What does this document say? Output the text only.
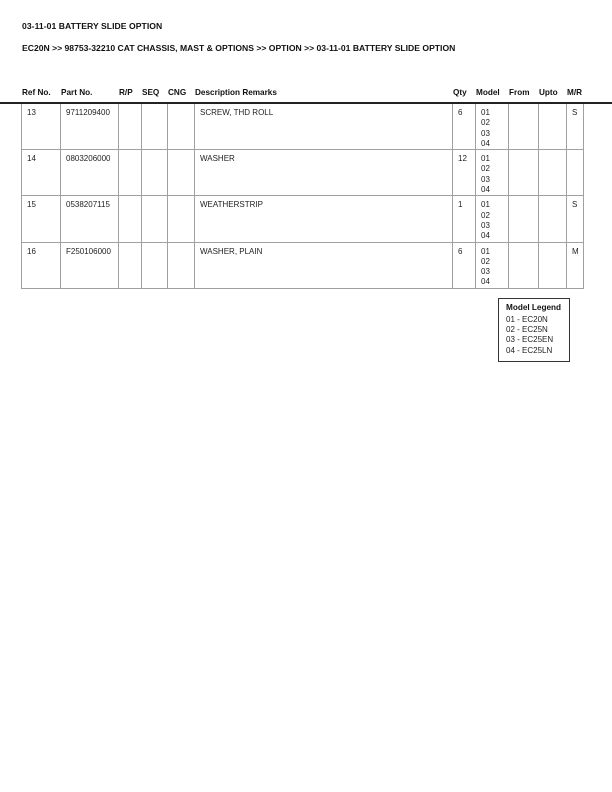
03-11-01 BATTERY SLIDE OPTION
EC20N >> 98753-32210 CAT CHASSIS, MAST & OPTIONS >> OPTION >> 03-11-01 BATTERY SLIDE OPTION
Ref No. Part No.	R/P SEQ CNG Description Remarks	Qty Model From Upto M/R
13	9711209400				SCREW, THD ROLL	6	01
02
03
04			S
14	0803206000				WASHER	12	01
02
03
04			

15	0538207115				WEATHERSTRIP	1	01
02
03
04			S
16	F250106000				WASHER, PLAIN	6	01
02
03
04			M
Model Legend
01 - EC20N
02 - EC25N
03 - EC25EN
04 - EC25LN
